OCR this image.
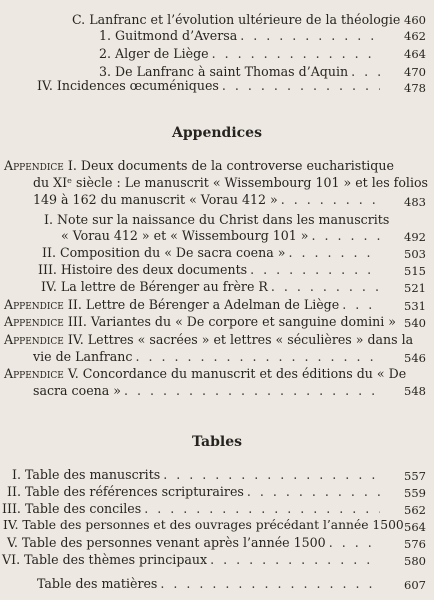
C. Lanfranc et l’évolution ultérieure de la théologie 460
1. Guitmond d’Aversa . . .	462
2. Alger de Liège . . .	464
3. De Lanfranc à saint Thomas d’Aquin . . .	470
IV. Incidences œcuméniques . . .	478
Appendices
Appendice I. Deux documents de la controverse eucharistique
du XIᵉ siècle : Le manuscrit « Wissembourg 101 » et les folios
149 à 162 du manuscrit « Vorau 412 » . . .	483
I. Note sur la naissance du Christ dans les manuscrits
« Vorau 412 » et « Wissembourg 101 » . . .	492
II. Composition du « De sacra coena » . . .	503
III. Histoire des deux documents . . .	515
IV. La lettre de Bérenger au frère R . . .	521
Appendice II. Lettre de Bérenger a Adelman de Liège . . .	531
Appendice III. Variantes du « De corpore et sanguine domini » 540
Appendice IV. Lettres « sacrées » et lettres « séculières » dans la
vie de Lanfranc . . .	546
Appendice V. Concordance du manuscrit et des éditions du « De
sacra coena » . . .	548
Tables
I. Table des manuscrits . . .	557
II. Table des références scripturaires . . .	559
III. Table des conciles . . .	562
IV. Table des personnes et des ouvrages précédant l’année 1500 564
V. Table des personnes venant après l’année 1500 . . .	576
VI. Table des thèmes principaux . . .	580
Table des matières . . .	607
